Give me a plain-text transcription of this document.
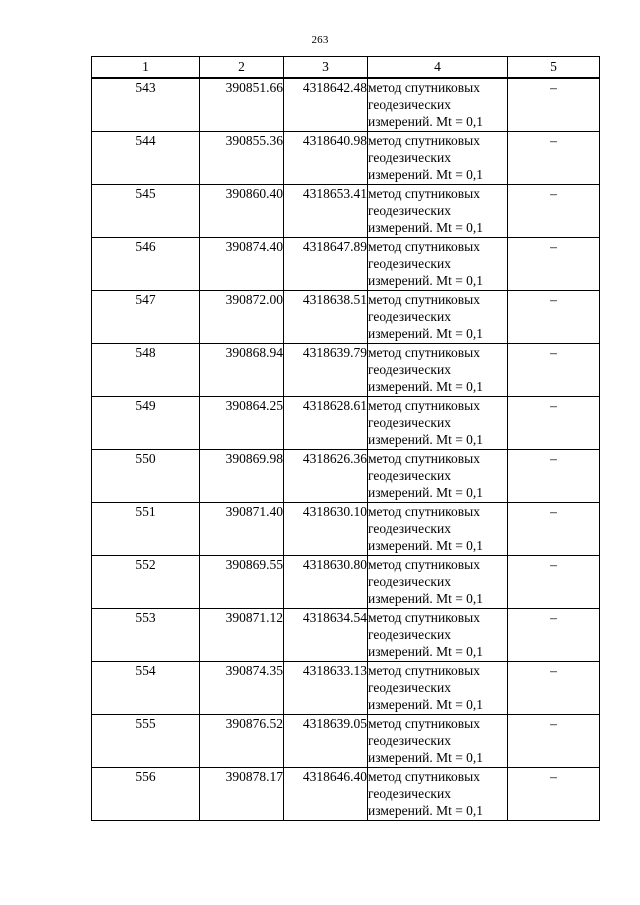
263
1	2	3	4	5
543	390851.66	4318642.48	метод спутниковых
геодезических
измерений. Mt = 0,1	–
544	390855.36	4318640.98	метод спутниковых
геодезических
измерений. Mt = 0,1	–
545	390860.40	4318653.41	метод спутниковых
геодезических
измерений. Mt = 0,1	–
546	390874.40	4318647.89	метод спутниковых
геодезических
измерений. Mt = 0,1	–
547	390872.00	4318638.51	метод спутниковых
геодезических
измерений. Mt = 0,1	–
548	390868.94	4318639.79	метод спутниковых
геодезических
измерений. Mt = 0,1	–
549	390864.25	4318628.61	метод спутниковых
геодезических
измерений. Mt = 0,1	–
550	390869.98	4318626.36	метод спутниковых
геодезических
измерений. Mt = 0,1	–
551	390871.40	4318630.10	метод спутниковых
геодезических
измерений. Mt = 0,1	–
552	390869.55	4318630.80	метод спутниковых
геодезических
измерений. Mt = 0,1	–
553	390871.12	4318634.54	метод спутниковых
геодезических
измерений. Mt = 0,1	–
554	390874.35	4318633.13	метод спутниковых
геодезических
измерений. Mt = 0,1	–
555	390876.52	4318639.05	метод спутниковых
геодезических
измерений. Mt = 0,1	–
556	390878.17	4318646.40	метод спутниковых
геодезических
измерений. Mt = 0,1	–
